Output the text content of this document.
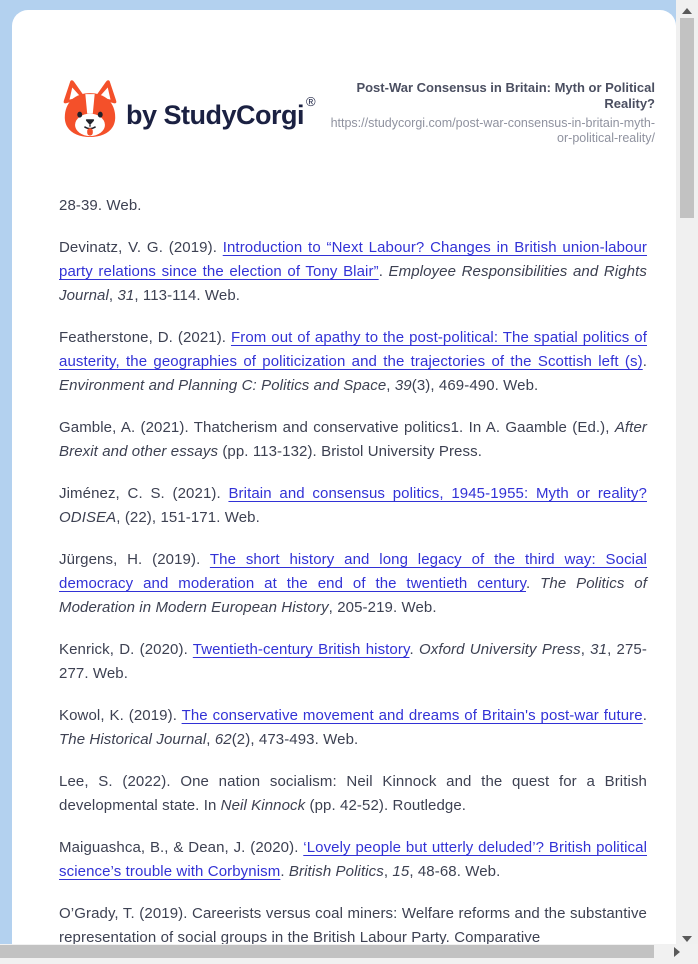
by StudyCorgi ®
Post-War Consensus in Britain: Myth or Political Reality?
https://studycorgi.com/post-war-consensus-in-britain-myth-
or-political-reality/

28-39. Web.

Devinatz, V. G. (2019). Introduction to “Next Labour? Changes in British union-labour party relations since the election of Tony Blair”. Employee Responsibilities and Rights Journal, 31, 113-114. Web.

Featherstone, D. (2021). From out of apathy to the post-political: The spatial politics of austerity, the geographies of politicization and the trajectories of the Scottish left (s). Environment and Planning C: Politics and Space, 39(3), 469-490. Web.

Gamble, A. (2021). Thatcherism and conservative politics1. In A. Gaamble (Ed.), After Brexit and other essays (pp. 113-132). Bristol University Press.

Jiménez, C. S. (2021). Britain and consensus politics, 1945-1955: Myth or reality? ODISEA, (22), 151-171. Web.

Jürgens, H. (2019). The short history and long legacy of the third way: Social democracy and moderation at the end of the twentieth century. The Politics of Moderation in Modern European History, 205-219. Web.

Kenrick, D. (2020). Twentieth-century British history. Oxford University Press, 31, 275-277. Web.

Kowol, K. (2019). The conservative movement and dreams of Britain's post-war future. The Historical Journal, 62(2), 473-493. Web.

Lee, S. (2022). One nation socialism: Neil Kinnock and the quest for a British developmental state. In Neil Kinnock (pp. 42-52). Routledge.

Maiguashca, B., & Dean, J. (2020). ‘Lovely people but utterly deluded’? British political science’s trouble with Corbynism. British Politics, 15, 48-68. Web.

O’Grady, T. (2019). Careerists versus coal miners: Welfare reforms and the substantive representation of social groups in the British Labour Party. Comparative
